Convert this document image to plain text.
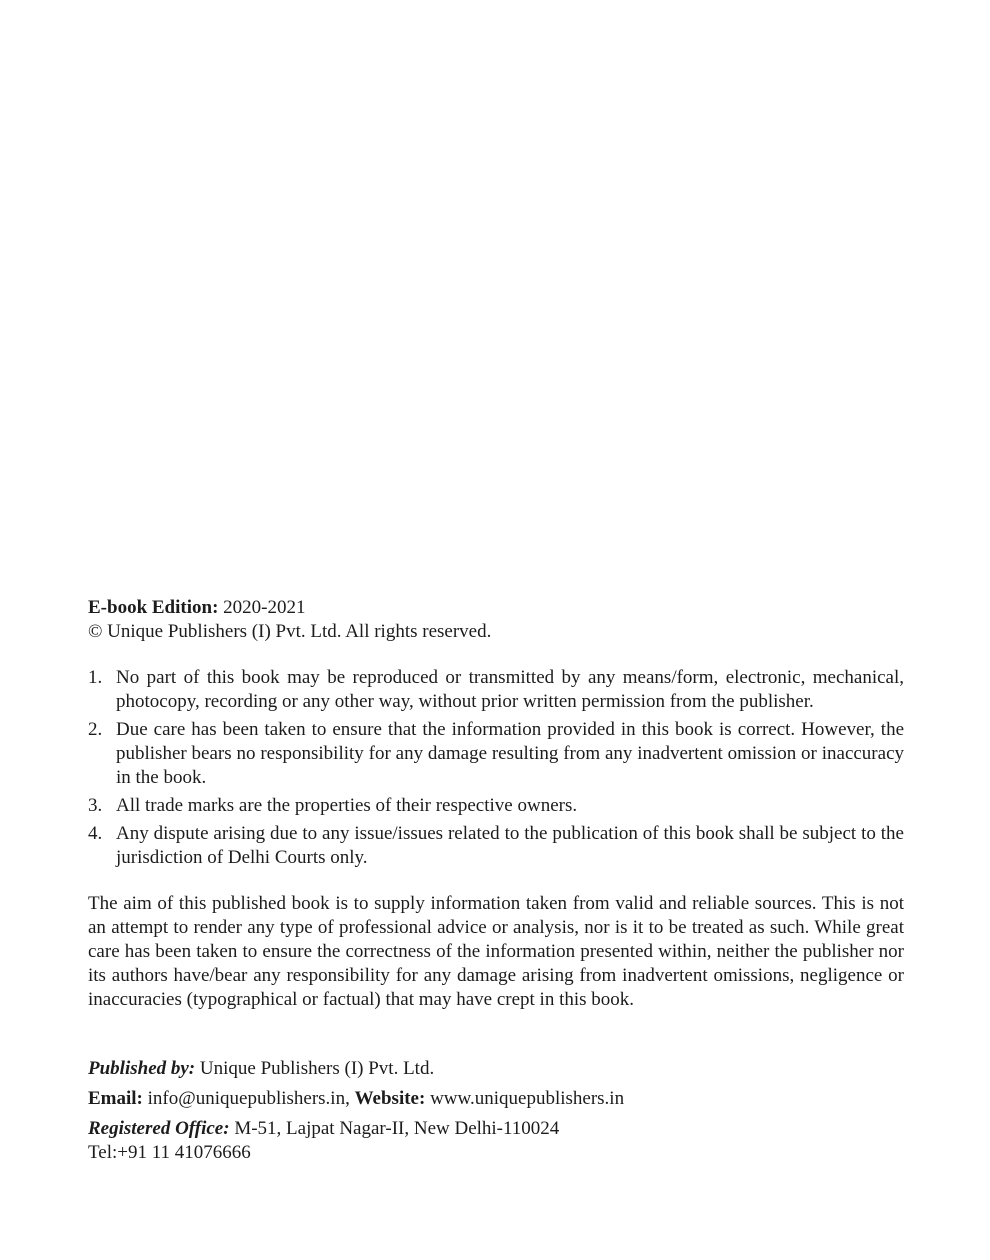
E-book Edition: 2020-2021
© Unique Publishers (I) Pvt. Ltd. All rights reserved.
1. No part of this book may be reproduced or transmitted by any means/form, electronic, mechanical, photocopy, recording or any other way, without prior written permission from the publisher.
2. Due care has been taken to ensure that the information provided in this book is correct. However, the publisher bears no responsibility for any damage resulting from any inadvertent omission or inaccuracy in the book.
3. All trade marks are the properties of their respective owners.
4. Any dispute arising due to any issue/issues related to the publication of this book shall be subject to the jurisdiction of Delhi Courts only.
The aim of this published book is to supply information taken from valid and reliable sources. This is not an attempt to render any type of professional advice or analysis, nor is it to be treated as such. While great care has been taken to ensure the correctness of the information presented within, neither the publisher nor its authors have/bear any responsibility for any damage arising from inadvertent omissions, negligence or inaccuracies (typographical or factual) that may have crept in this book.
Published by: Unique Publishers (I) Pvt. Ltd.
Email: info@uniquepublishers.in, Website: www.uniquepublishers.in
Registered Office: M-51, Lajpat Nagar-II, New Delhi-110024
Tel:+91 11 41076666
